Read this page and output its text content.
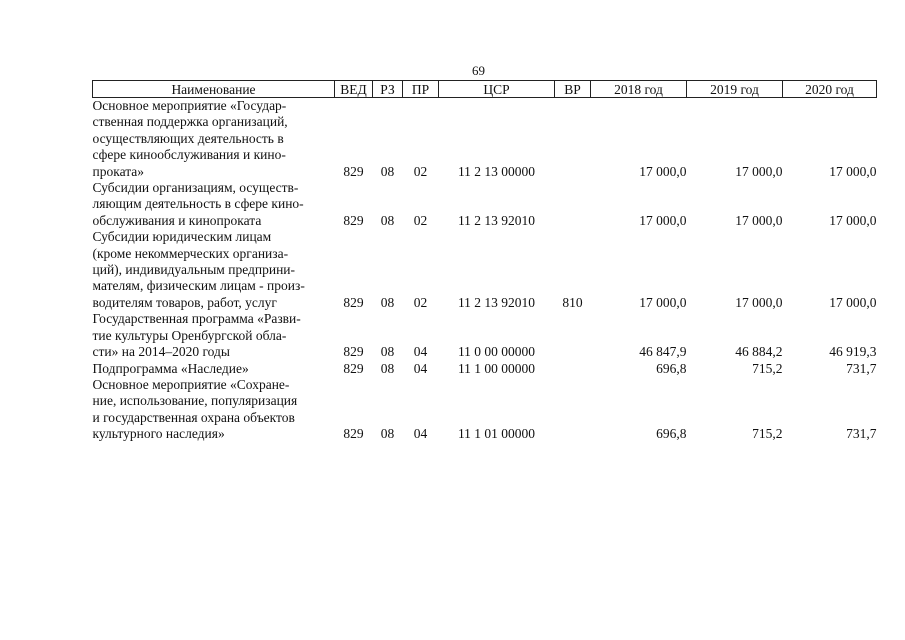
69
Наименование	ВЕД	РЗ	ПР	ЦСР	ВР	2018 год	2019 год	2020 год
Основное мероприятие «Государ-
ственная поддержка организаций,
осуществляющих деятельность в
сфере кинообслуживания и кино-
проката»	829	08	02	11 2 13 00000		17 000,0	17 000,0	17 000,0
Субсидии организациям, осуществ-
ляющим деятельность в сфере кино-
обслуживания и кинопроката	829	08	02	11 2 13 92010		17 000,0	17 000,0	17 000,0
Субсидии юридическим лицам
(кроме некоммерческих организа-
ций), индивидуальным предприни-
мателям, физическим лицам - произ-
водителям товаров, работ, услуг	829	08	02	11 2 13 92010	810	17 000,0	17 000,0	17 000,0
Государственная программа «Разви-
тие культуры Оренбургской обла-
сти» на 2014–2020 годы	829	08	04	11 0 00 00000		46 847,9	46 884,2	46 919,3
Подпрограмма «Наследие»	829	08	04	11 1 00 00000		696,8	715,2	731,7
Основное мероприятие «Сохране-
ние, использование, популяризация
и государственная охрана объектов
культурного наследия»	829	08	04	11 1 01 00000		696,8	715,2	731,7
